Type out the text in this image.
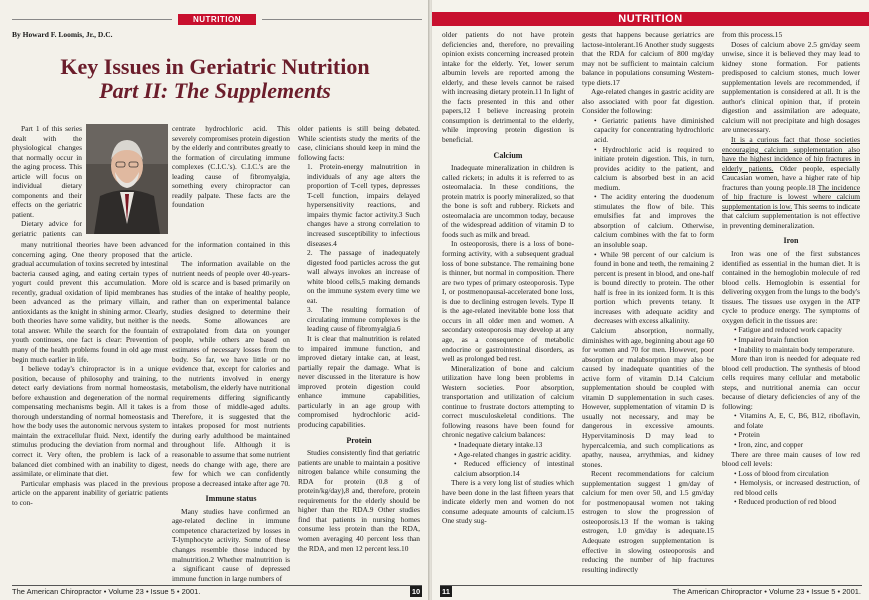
NUTRITION
By Howard F. Loomis, Jr., D.C.
Key Issues in Geriatric Nutrition
Part II: The Supplements

Part 1 of this series dealt with the physiological changes that normally occur in the aging process. This article will focus on individual dietary components and their effects on the geriatric patient.

Dietary advice for geriatric patients can

many nutritional theories have been advanced concerning aging. One theory proposed that the gradual accumulation of toxins secreted by intestinal bacteria caused aging, and eating certain types of yogurt could prevent this accumulation. More recently, gradual oxidation of lipid membranes has been advanced as the primary villain, and antioxidants as the knight in shining armor. Clearly, both theories have some validity, but neither is the total answer. While the search for the fountain of youth continues, one fact is clear: Prevention of many of the health problems found in old age must begin much earlier in life.

I believe today's chiropractor is in a unique position, because of philosophy and training, to detect early deviations from normal homeostasis, before exhaustion and degeneration of the normal compensating mechanisms begin. All it takes is a thorough understanding of normal homeostasis and how the body uses the autonomic nervous system to maintain the extracellular fluid. Next, identify the stimulus producing the deviation from normal and correct it. Very often, the problem is lack of a balanced diet combined with an inability to digest, assimilate, or eliminate that diet.

Particular emphasis was placed in the previous article on the apparent inability of geriatric patients to con-

centrate hydrochloric acid. This severely compromises protein digestion by the elderly and contributes greatly to the formation of circulating immune complexes (C.I.C.'s). C.I.C.'s are the leading cause of fibromyalgia, something every chiropractor can readily palpate. These facts are the foundation

for the information contained in this article.

The information available on the nutrient needs of people over 40-years-old is scarce and is based primarily on studies of the intake of healthy people, rather than on experimental balance studies designed to determine their needs. Some allowances are extrapolated from data on younger people, while others are based on estimates of necessary losses from the body. So far, we have little or no evidence that, except for calories and the nutrients involved in energy metabolism, the elderly have nutritional requirements differing significantly from those of middle-aged adults. Therefore, it is suggested that the intakes proposed for most nutrients during early adulthood be maintained throughout life. Although it is reasonable to assume that some nutrient needs do change with age, there are few for which we can confidently propose a decreased intake after age 70.

Immune status

Many studies have confirmed an age-related decline in immune competence characterized by losses in T-lymphocyte activity. Some of these changes resemble those induced by malnutrition.2 Whether malnutrition is a significant cause of depressed immune function in large numbers of

older patients is still being debated. While scientists study the merits of the case, clinicians should keep in mind the following facts:

1. Protein-energy malnutrition in individuals of any age alters the proportion of T-cell types, depresses T-cell function, impairs delayed hypersensitivity reactions, and impairs thymic factor activity.3 Such changes have a strong correlation to increased susceptibility to infectious diseases.4

2. The passage of inadequately digested food particles across the gut wall always invokes an increase of white blood cells,5 making demands on the immune system every time we eat.

3. The resulting formation of circulating immune complexes is the leading cause of fibromyalgia.6

It is clear that malnutrition is related to impaired immune function, and improved dietary intake can, at least, partially repair the damage. What is never discussed in the literature is how improved protein digestion could enhance immune capabilities, particularly in an age group with compromised hydrochloric acid-producing capabilities.

Protein

Studies consistently find that geriatric patients are unable to maintain a positive nitrogen balance while consuming the RDA for protein (0.8 g of protein/kg/day),8 and, therefore, protein requirements for the elderly should be higher than the RDA.9 Other studies find that patients in nursing homes consume less protein than the RDA, women averaging 40 percent less than the RDA, and men 12 percent less.10

The American Chiropractor • Volume 23 • Issue 5 • 2001.	10
NUTRITION

older patients do not have protein deficiencies and, therefore, no prevailing opinion exists concerning increased protein intake for the elderly. Yet, lower serum albumin levels are reported among the elderly, and these levels cannot be raised with increasing dietary protein.11 In light of the facts presented in this and other papers,12 I believe increasing protein consumption is detrimental to the elderly, while improving protein digestion is beneficial.

Calcium

Inadequate mineralization in children is called rickets; in adults it is referred to as osteomalacia. In these conditions, the protein matrix is poorly mineralized, so that the bone is soft and rubbery. Rickets and osteomalacia are uncommon today, because of the widespread addition of vitamin D to foods such as milk and bread.

In osteoporosis, there is a loss of bone-forming activity, with a subsequent gradual loss of bone substance. The remaining bone is thinner, but normal in composition. There are two types of primary osteoporosis. Type I, or postmenopausal-accelerated bone loss, is due to declining estrogen levels. Type II is the age-related inevitable bone loss that occurs in all older men and women. A secondary osteoporosis may develop at any age, as a consequence of metabolic endocrine or gastrointestinal disorders, as well as prolonged bed rest.

Mineralization of bone and calcium utilization have long been problems in Western societies. Poor absorption, transportation and utilization of calcium continue to frustrate doctors attempting to correct musculoskeletal conditions. The following reasons have been found for chronic negative calcium balances:

• Inadequate dietary intake.13

• Age-related changes in gastric acidity.

• Reduced efficiency of intestinal calcium absorption.14

There is a very long list of studies which have been done in the last fifteen years that indicate elderly men and women do not consume adequate amounts of calcium.15 One study sug-

gests that happens because geriatrics are lactose-intolerant.16 Another study suggests that the RDA for calcium of 800 mg/day may not be sufficient to maintain calcium balance in populations consuming Western-type diets.17

Age-related changes in gastric acidity are also associated with poor fat digestion. Consider the following:

• Geriatric patients have diminished capacity for concentrating hydrochloric acid.

• Hydrochloric acid is required to initiate protein digestion. This, in turn, provides acidity to the patient, and calcium is absorbed best in an acid medium.

• The acidity entering the duodenum stimulates the flow of bile. This emulsifies fat and improves the absorption of calcium. Otherwise, calcium combines with the fat to form an insoluble soap.

• While 98 percent of our calcium is found in bone and teeth, the remaining 2 percent is present in blood, and one-half is bound directly to protein. The other half is free in its ionized form. It is this portion which prevents tetany. It increases with adequate acidity and decreases with excess alkalinity.

Calcium absorption, normally, diminishes with age, beginning about age 60 for women and 70 for men. However, poor absorption or malabsorption may also be caused by inadequate quantities of the active form of vitamin D.14 Calcium supplementation should be coupled with vitamin D supplementation in such cases. However, supplementation of vitamin D is usually not necessary, and may be dangerous in excessive amounts. Hypervitaminosis D may lead to hypercalcemia, and such complications as apathy, nausea, arrythmias, and kidney stones.

Recent recommendations for calcium supplementation suggest 1 gm/day of calcium for men over 50, and 1.5 gm/day for postmenopausal women not taking estrogen to slow the progression of osteoporosis.13 If the woman is taking estrogen, 1.0 gm/day is adequate.15 Adequate estrogen supplementation is effective in slowing osteoporosis and reducing the number of hip fractures resulting indirectly

from this process.15

Doses of calcium above 2.5 gm/day seem unwise, since it is believed they may lead to kidney stone formation. For patients predisposed to calcium stones, much lower supplementation levels are recommended, if supplementation is considered at all. It is the author's clinical opinion that, if protein digestion and assimilation are adequate, calcium will not precipitate and high dosages are unnecessary.

It is a curious fact that those societies encouraging calcium supplementation also have the highest incidence of hip fractures in elderly patients. Older people, especially Caucasian women, have a higher rate of hip fractures than young people.18 The incidence of hip fracture is lowest where calcium supplementation is low. This seems to indicate that calcium supplementation is not effective in preventing demineralization.

Iron

Iron was one of the first substances identified as essential in the human diet. It is contained in the hemoglobin molecule of red blood cells. Hemoglobin is essential for delivering oxygen from the lungs to the body's tissues. The tissues use oxygen in the ATP cycle to produce energy. The symptoms of oxygen deficit in the tissues are:

• Fatigue and reduced work capacity

• Impaired brain function

• Inability to maintain body temperature.

More than iron is needed for adequate red blood cell production. The synthesis of blood cells requires many cellular and metabolic steps, and nutritional anemia can occur because of dietary deficiencies of any of the following:

• Vitamins A, E, C, B6, B12, riboflavin, and folate

• Protein

• Iron, zinc, and copper

There are three main causes of low red blood cell levels:

• Loss of blood from circulation

• Hemolysis, or increased destruction, of red blood cells

• Reduced production of red blood

11	The American Chiropractor • Volume 23 • Issue 5 • 2001.
